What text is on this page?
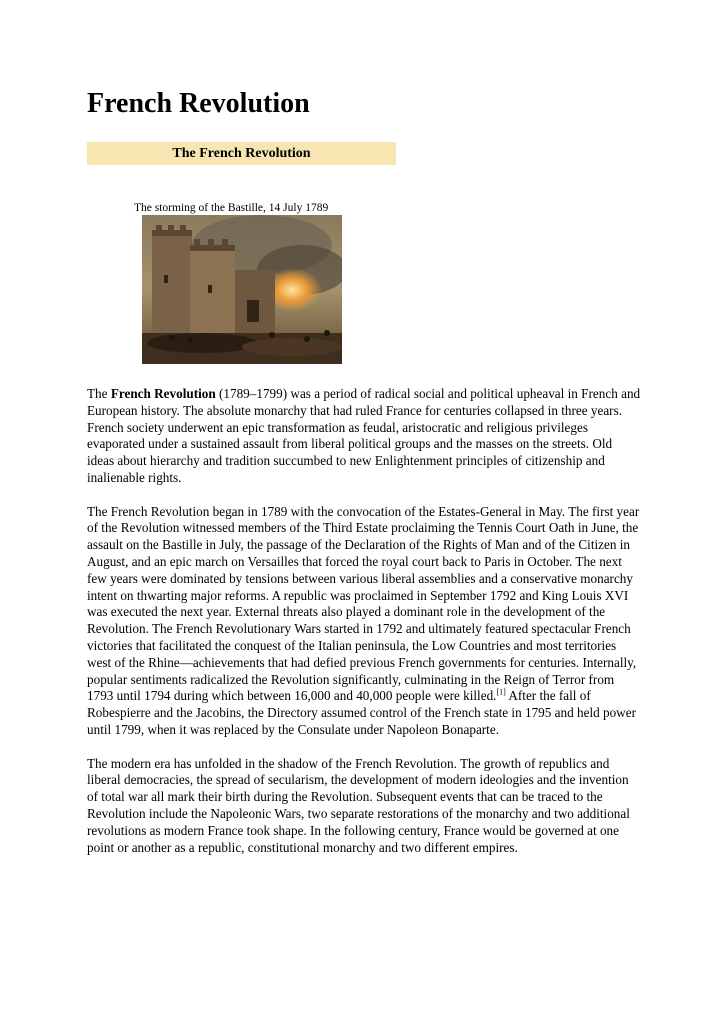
French Revolution
The French Revolution
The storming of the Bastille, 14 July 1789

The French Revolution (1789–1799) was a period of radical social and political upheaval in French and European history. The absolute monarchy that had ruled France for centuries collapsed in three years. French society underwent an epic transformation as feudal, aristocratic and religious privileges evaporated under a sustained assault from liberal political groups and the masses on the streets. Old ideas about hierarchy and tradition succumbed to new Enlightenment principles of citizenship and inalienable rights.

The French Revolution began in 1789 with the convocation of the Estates-General in May. The first year of the Revolution witnessed members of the Third Estate proclaiming the Tennis Court Oath in June, the assault on the Bastille in July, the passage of the Declaration of the Rights of Man and of the Citizen in August, and an epic march on Versailles that forced the royal court back to Paris in October. The next few years were dominated by tensions between various liberal assemblies and a conservative monarchy intent on thwarting major reforms. A republic was proclaimed in September 1792 and King Louis XVI was executed the next year. External threats also played a dominant role in the development of the Revolution. The French Revolutionary Wars started in 1792 and ultimately featured spectacular French victories that facilitated the conquest of the Italian peninsula, the Low Countries and most territories west of the Rhine—achievements that had defied previous French governments for centuries. Internally, popular sentiments radicalized the Revolution significantly, culminating in the Reign of Terror from 1793 until 1794 during which between 16,000 and 40,000 people were killed.[1] After the fall of Robespierre and the Jacobins, the Directory assumed control of the French state in 1795 and held power until 1799, when it was replaced by the Consulate under Napoleon Bonaparte.

The modern era has unfolded in the shadow of the French Revolution. The growth of republics and liberal democracies, the spread of secularism, the development of modern ideologies and the invention of total war all mark their birth during the Revolution. Subsequent events that can be traced to the Revolution include the Napoleonic Wars, two separate restorations of the monarchy and two additional revolutions as modern France took shape. In the following century, France would be governed at one point or another as a republic, constitutional monarchy and two different empires.
